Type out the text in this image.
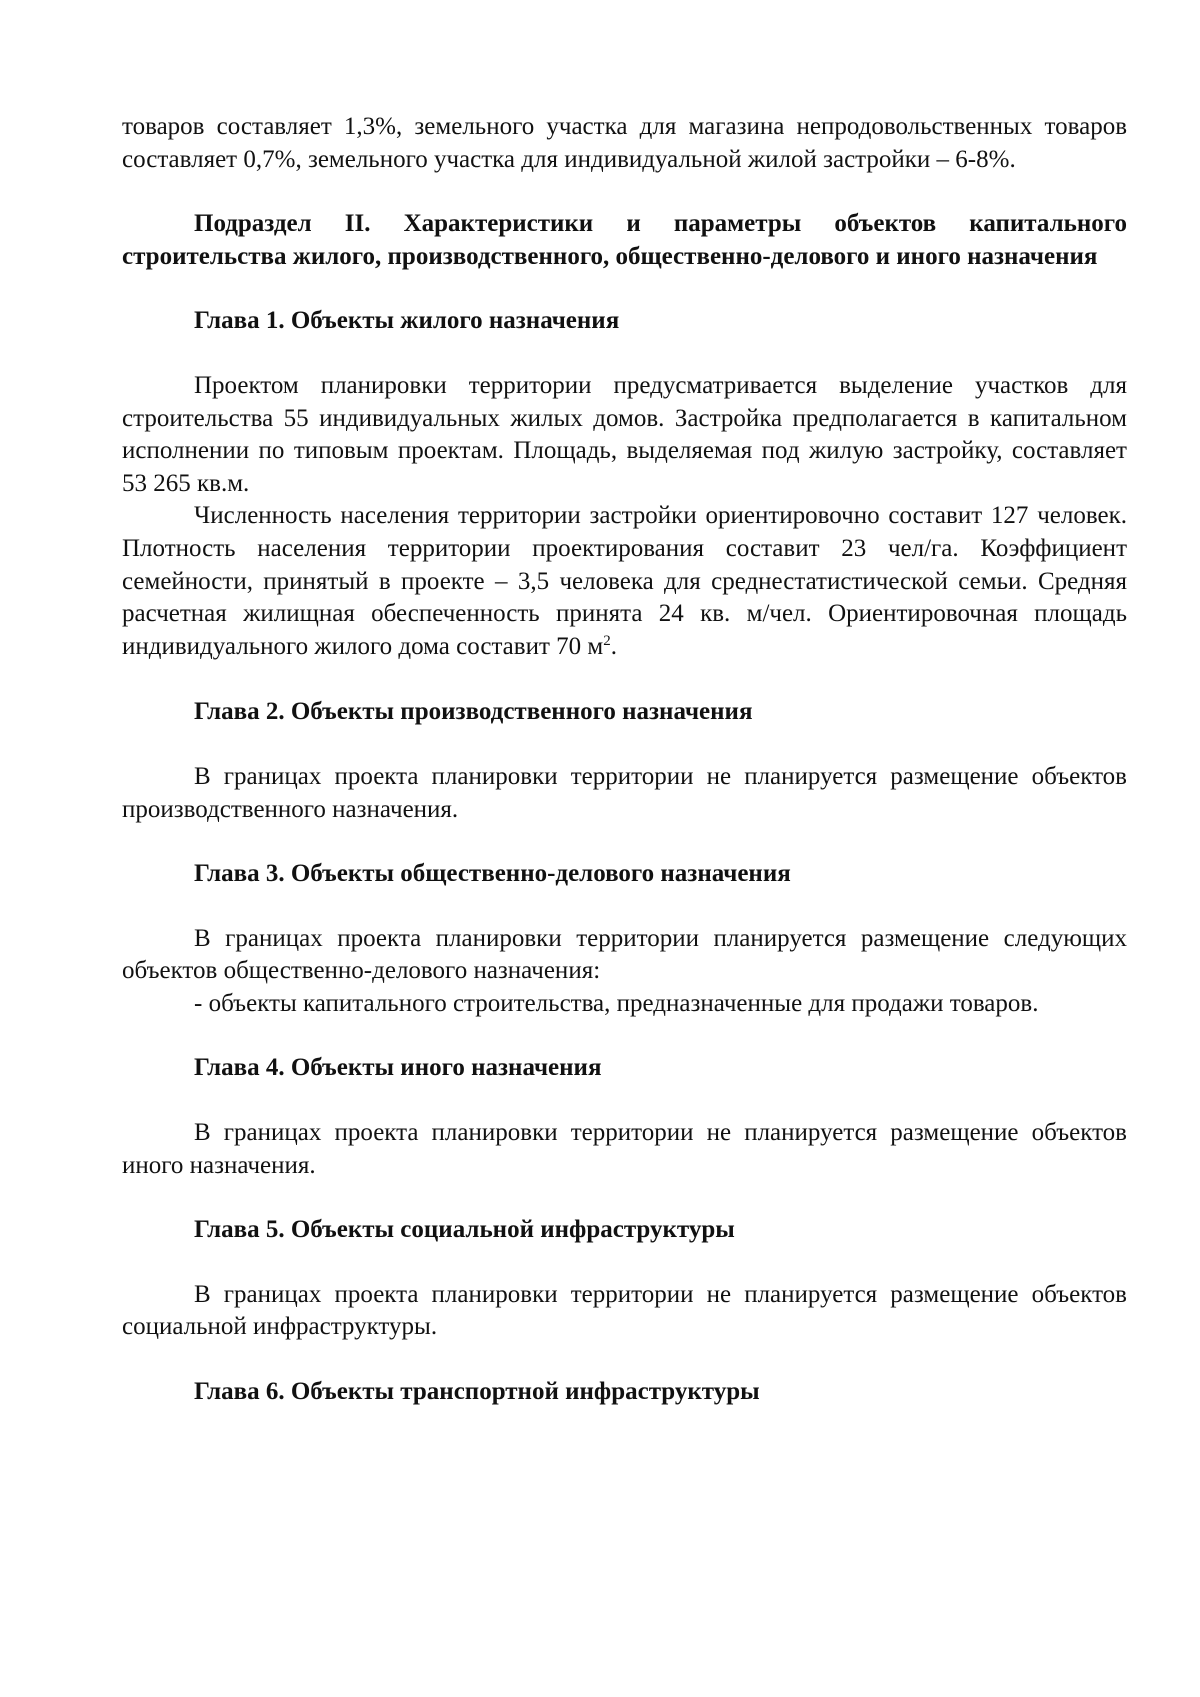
товаров составляет 1,3%, земельного участка для магазина непродовольственных товаров составляет 0,7%, земельного участка для индивидуальной жилой застройки – 6-8%.

Подраздел II. Характеристики и параметры объектов капитального строительства жилого, производственного, общественно-делового и иного назначения

Глава 1. Объекты жилого назначения

Проектом планировки территории предусматривается выделение участков для строительства 55 индивидуальных жилых домов. Застройка предполагается в капитальном исполнении по типовым проектам. Площадь, выделяемая под жилую застройку, составляет 53 265 кв.м.

Численность населения территории застройки ориентировочно составит 127 человек. Плотность населения территории проектирования составит 23 чел/га. Коэффициент семейности, принятый в проекте – 3,5 человека для среднестатистической семьи. Средняя расчетная жилищная обеспеченность принята 24 кв. м/чел. Ориентировочная площадь индивидуального жилого дома составит 70 $м^2$.

Глава 2. Объекты производственного назначения

В границах проекта планировки территории не планируется размещение объектов производственного назначения.

Глава 3. Объекты общественно-делового назначения

В границах проекта планировки территории планируется размещение следующих объектов общественно-делового назначения:

- объекты капитального строительства, предназначенные для продажи товаров.

Глава 4. Объекты иного назначения

В границах проекта планировки территории не планируется размещение объектов иного назначения.

Глава 5. Объекты социальной инфраструктуры

В границах проекта планировки территории не планируется размещение объектов социальной инфраструктуры.

Глава 6. Объекты транспортной инфраструктуры
